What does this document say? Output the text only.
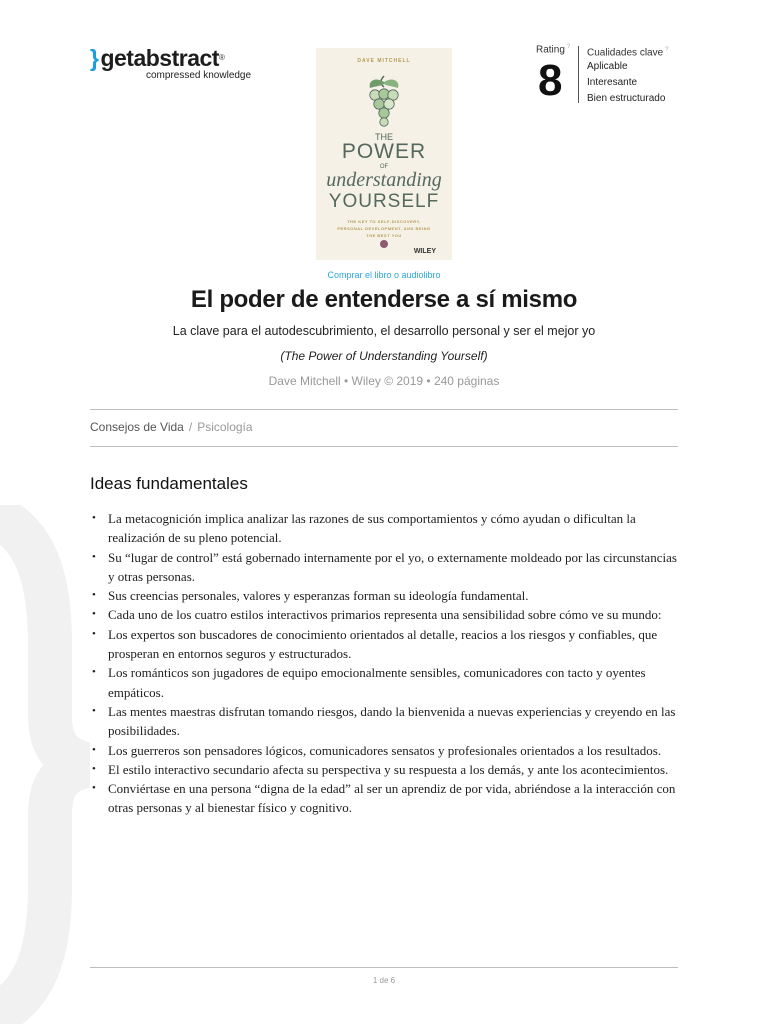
}getabstract®
compressed knowledge
DAVE MITCHELL
THE
POWER
OF
understanding
YOURSELF
THE KEY TO SELF-DISCOVERY, PERSONAL DEVELOPMENT, AND BEING THE BEST YOU
WILEY
Rating ?
8
Cualidades clave ?
Aplicable
Interesante
Bien estructurado
Comprar el libro o audiolibro
El poder de entenderse a sí mismo
La clave para el autodescubrimiento, el desarrollo personal y ser el mejor yo
(The Power of Understanding Yourself)
Dave Mitchell • Wiley © 2019 • 240 páginas
Consejos de Vida / Psicología
Ideas fundamentales
• La metacognición implica analizar las razones de sus comportamientos y cómo ayudan o dificultan la realización de su pleno potencial.
• Su “lugar de control” está gobernado internamente por el yo, o externamente moldeado por las circunstancias y otras personas.
• Sus creencias personales, valores y esperanzas forman su ideología fundamental.
• Cada uno de los cuatro estilos interactivos primarios representa una sensibilidad sobre cómo ve su mundo:
• Los expertos son buscadores de conocimiento orientados al detalle, reacios a los riesgos y confiables, que prosperan en entornos seguros y estructurados.
• Los románticos son jugadores de equipo emocionalmente sensibles, comunicadores con tacto y oyentes empáticos.
• Las mentes maestras disfrutan tomando riesgos, dando la bienvenida a nuevas experiencias y creyendo en las posibilidades.
• Los guerreros son pensadores lógicos, comunicadores sensatos y profesionales orientados a los resultados.
• El estilo interactivo secundario afecta su perspectiva y su respuesta a los demás, y ante los acontecimientos.
• Conviértase en una persona “digna de la edad” al ser un aprendiz de por vida, abriéndose a la interacción con otras personas y al bienestar físico y cognitivo.
1 de 6
